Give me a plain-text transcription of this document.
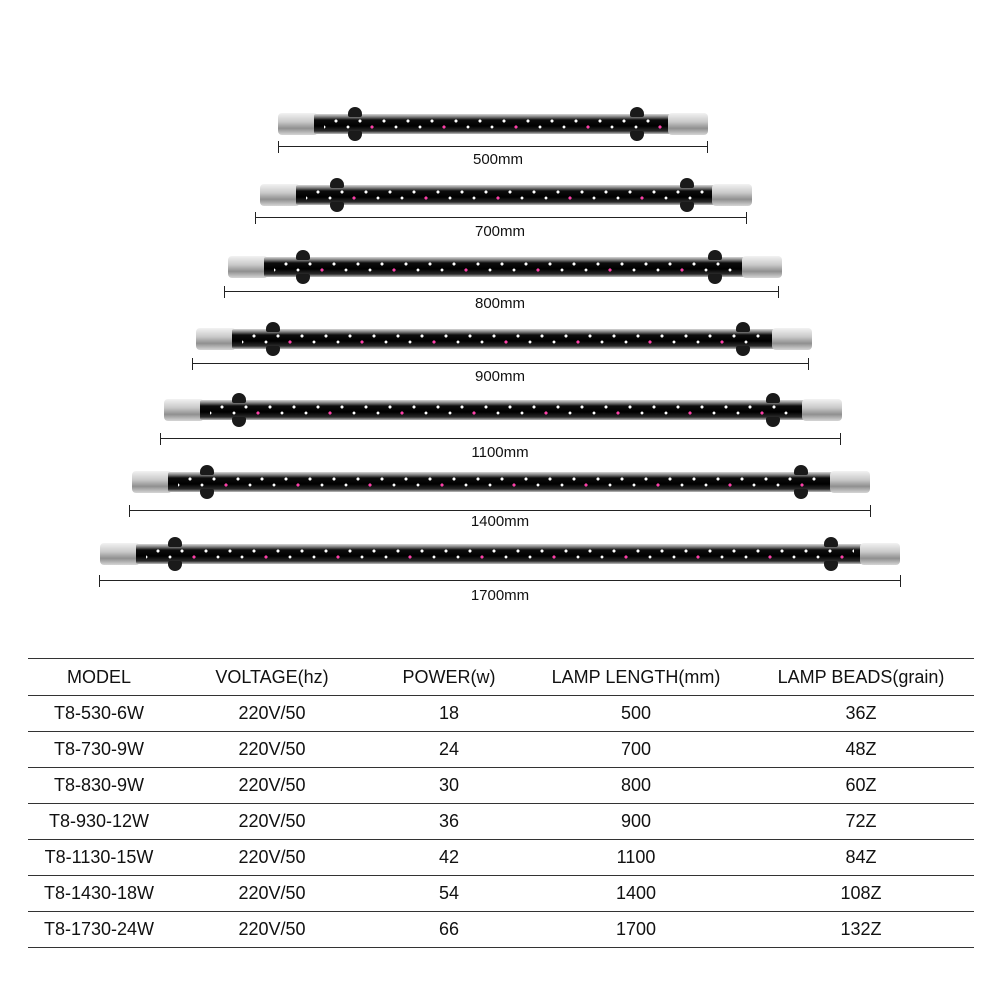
500mm
700mm
800mm
900mm
1100mm
1400mm
1700mm
MODEL	VOLTAGE(hz)	POWER(w)	LAMP LENGTH(mm)	LAMP BEADS(grain)
T8-530-6W	220V/50	18	500	36Z
T8-730-9W	220V/50	24	700	48Z
T8-830-9W	220V/50	30	800	60Z
T8-930-12W	220V/50	36	900	72Z
T8-1130-15W	220V/50	42	1100	84Z
T8-1430-18W	220V/50	54	1400	108Z
T8-1730-24W	220V/50	66	1700	132Z
